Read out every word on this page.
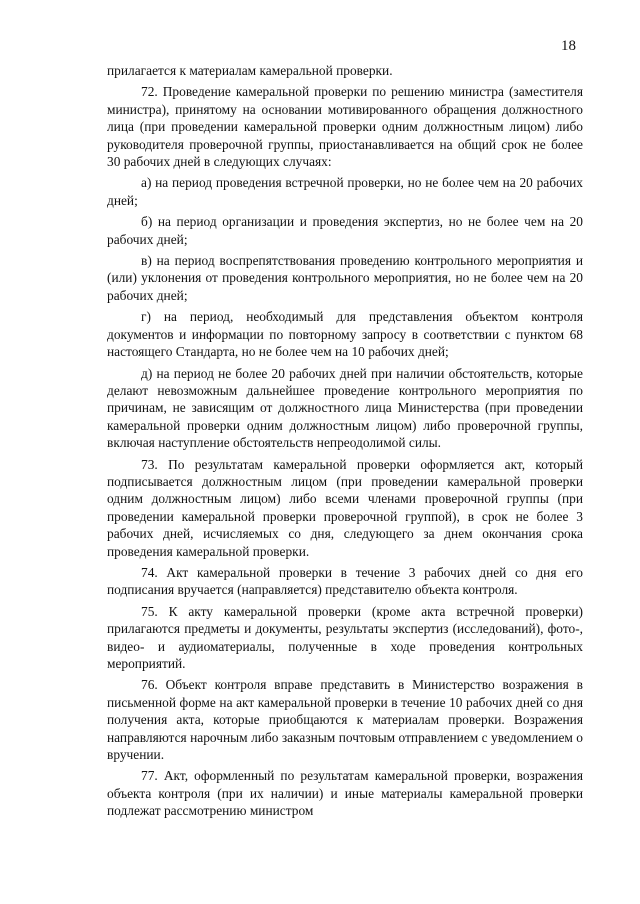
18

прилагается к материалам камеральной проверки.

72. Проведение камеральной проверки по решению министра (заместителя министра), принятому на основании мотивированного обращения должностного лица (при проведении камеральной проверки одним должностным лицом) либо руководителя проверочной группы, приостанавливается на общий срок не более 30 рабочих дней в следующих случаях:

а) на период проведения встречной проверки, но не более чем на 20 рабочих дней;

б) на период организации и проведения экспертиз, но не более чем на 20 рабочих дней;

в) на период воспрепятствования проведению контрольного мероприятия и (или) уклонения от проведения контрольного мероприятия, но не более чем на 20 рабочих дней;

г) на период, необходимый для представления объектом контроля документов и информации по повторному запросу в соответствии с пунктом 68 настоящего Стандарта, но не более чем на 10 рабочих дней;

д) на период не более 20 рабочих дней при наличии обстоятельств, которые делают невозможным дальнейшее проведение контрольного мероприятия по причинам, не зависящим от должностного лица Министерства (при проведении камеральной проверки одним должностным лицом) либо проверочной группы, включая наступление обстоятельств непреодолимой силы.

73. По результатам камеральной проверки оформляется акт, который подписывается должностным лицом (при проведении камеральной проверки одним должностным лицом) либо всеми членами проверочной группы (при проведении камеральной проверки проверочной группой), в срок не более 3 рабочих дней, исчисляемых со дня, следующего за днем окончания срока проведения камеральной проверки.

74. Акт камеральной проверки в течение 3 рабочих дней со дня его подписания вручается (направляется) представителю объекта контроля.

75. К акту камеральной проверки (кроме акта встречной проверки) прилагаются предметы и документы, результаты экспертиз (исследований), фото-, видео- и аудиоматериалы, полученные в ходе проведения контрольных мероприятий.

76. Объект контроля вправе представить в Министерство возражения в письменной форме на акт камеральной проверки в течение 10 рабочих дней со дня получения акта, которые приобщаются к материалам проверки. Возражения направляются нарочным либо заказным почтовым отправлением с уведомлением о вручении.

77. Акт, оформленный по результатам камеральной проверки, возражения объекта контроля (при их наличии) и иные материалы камеральной проверки подлежат рассмотрению министром
